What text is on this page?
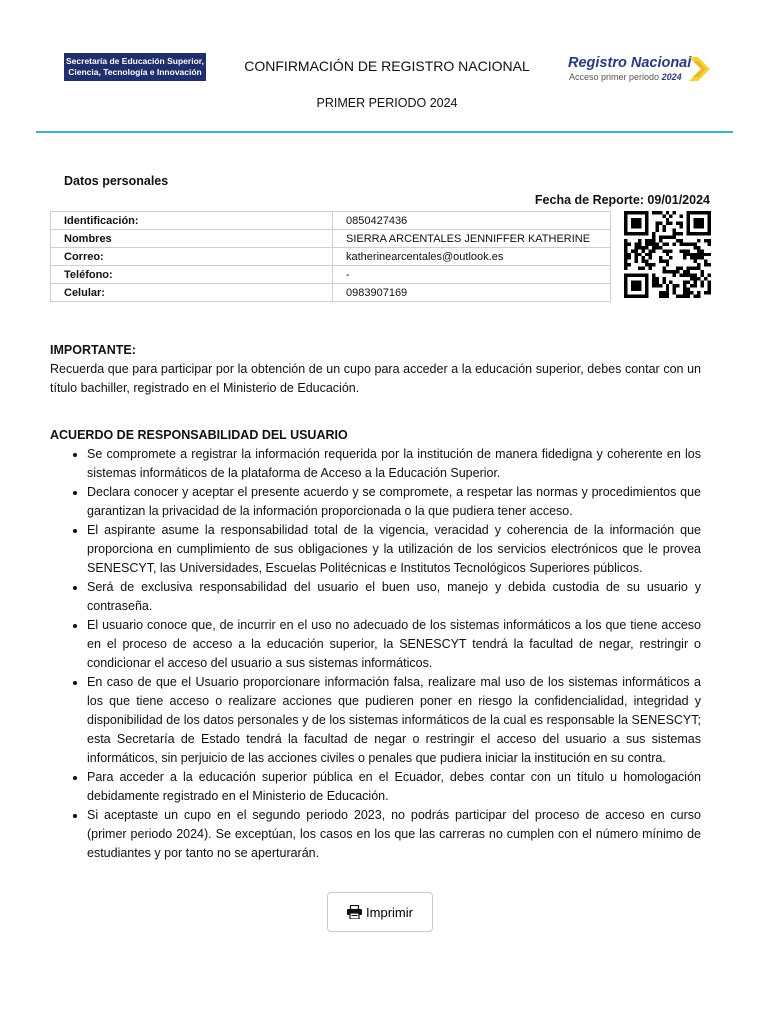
Secretaría de Educación Superior,
Ciencia, Tecnología e Innovación	CONFIRMACIÓN DE REGISTRO NACIONAL
PRIMER PERIODO 2024
Registro Nacional
Acceso primer periodo 2024
Datos personales
Fecha de Reporte: 09/01/2024
Identificación:	0850427436
Nombres	SIERRA ARCENTALES JENNIFFER KATHERINE
Correo:	katherinearcentales@outlook.es
Teléfono:	-
Celular:	0983907169
IMPORTANTE:

Recuerda que para participar por la obtención de un cupo para acceder a la educación superior, debes contar con un título bachiller, registrado en el Ministerio de Educación.

ACUERDO DE RESPONSABILIDAD DEL USUARIO
• Se compromete a registrar la información requerida por la institución de manera fidedigna y coherente en los sistemas informáticos de la plataforma de Acceso a la Educación Superior.
• Declara conocer y aceptar el presente acuerdo y se compromete, a respetar las normas y procedimientos que garantizan la privacidad de la información proporcionada o la que pudiera tener acceso.
• El aspirante asume la responsabilidad total de la vigencia, veracidad y coherencia de la información que proporciona en cumplimiento de sus obligaciones y la utilización de los servicios electrónicos que le provea SENESCYT, las Universidades, Escuelas Politécnicas e Institutos Tecnológicos Superiores públicos.
• Será de exclusiva responsabilidad del usuario el buen uso, manejo y debida custodia de su usuario y contraseña.
• El usuario conoce que, de incurrir en el uso no adecuado de los sistemas informáticos a los que tiene acceso en el proceso de acceso a la educación superior, la SENESCYT tendrá la facultad de negar, restringir o condicionar el acceso del usuario a sus sistemas informáticos.
• En caso de que el Usuario proporcionare información falsa, realizare mal uso de los sistemas informáticos a los que tiene acceso o realizare acciones que pudieren poner en riesgo la confidencialidad, integridad y disponibilidad de los datos personales y de los sistemas informáticos de la cual es responsable la SENESCYT; esta Secretaría de Estado tendrá la facultad de negar o restringir el acceso del usuario a sus sistemas informáticos, sin perjuicio de las acciones civiles o penales que pudiera iniciar la institución en su contra.
• Para acceder a la educación superior pública en el Ecuador, debes contar con un título u homologación debidamente registrado en el Ministerio de Educación.
• Si aceptaste un cupo en el segundo periodo 2023, no podrás participar del proceso de acceso en curso (primer periodo 2024). Se exceptúan, los casos en los que las carreras no cumplen con el número mínimo de estudiantes y por tanto no se aperturarán.
Imprimir
